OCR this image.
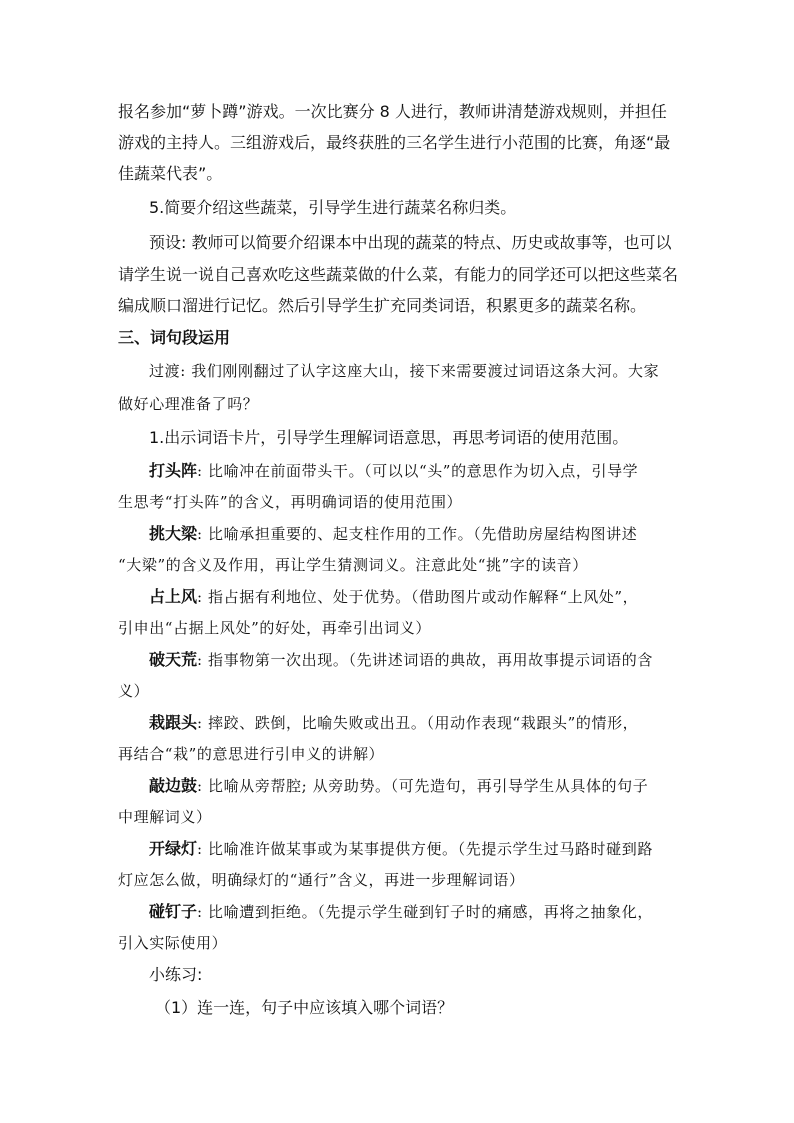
报名参加“萝卜蹲”游戏。一次比赛分 8 人进行，教师讲清楚游戏规则，并担任
游戏的主持人。三组游戏后，最终获胜的三名学生进行小范围的比赛，角逐“最
佳蔬菜代表”。
5.简要介绍这些蔬菜，引导学生进行蔬菜名称归类。
预设: 教师可以简要介绍课本中出现的蔬菜的特点、历史或故事等，也可以
请学生说一说自己喜欢吃这些蔬菜做的什么菜，有能力的同学还可以把这些菜名
编成顺口溜进行记忆。然后引导学生扩充同类词语，积累更多的蔬菜名称。
三、词句段运用
过渡: 我们刚刚翻过了认字这座大山，接下来需要渡过词语这条大河。大家
做好心理准备了吗？
1.出示词语卡片，引导学生理解词语意思，再思考词语的使用范围。
打头阵: 比喻冲在前面带头干。（可以以“头”的意思作为切入点，引导学
生思考“打头阵”的含义，再明确词语的使用范围）
挑大梁: 比喻承担重要的、起支柱作用的工作。（先借助房屋结构图讲述
“大梁”的含义及作用，再让学生猜测词义。注意此处“挑”字的读音）
占上风: 指占据有利地位、处于优势。（借助图片或动作解释“上风处”，
引申出“占据上风处”的好处，再牵引出词义）
破天荒: 指事物第一次出现。（先讲述词语的典故，再用故事提示词语的含
义）
栽跟头: 摔跤、跌倒，比喻失败或出丑。（用动作表现“栽跟头”的情形，
再结合“栽”的意思进行引申义的讲解）
敲边鼓: 比喻从旁帮腔; 从旁助势。（可先造句，再引导学生从具体的句子
中理解词义）
开绿灯: 比喻准许做某事或为某事提供方便。（先提示学生过马路时碰到路
灯应怎么做，明确绿灯的“通行”含义，再进一步理解词语）
碰钉子: 比喻遭到拒绝。（先提示学生碰到钉子时的痛感，再将之抽象化，
引入实际使用）
小练习:
（1）连一连，句子中应该填入哪个词语？
